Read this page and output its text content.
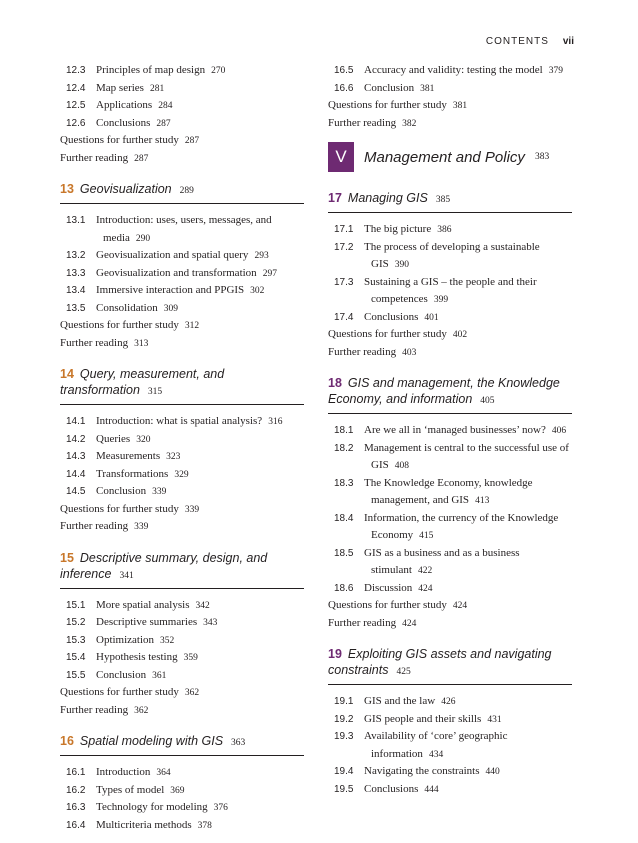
CONTENTS vii
12.3 Principles of map design 270
12.4 Map series 281
12.5 Applications 284
12.6 Conclusions 287
Questions for further study 287
Further reading 287
13 Geovisualization 289
13.1 Introduction: uses, users, messages, and media 290
13.2 Geovisualization and spatial query 293
13.3 Geovisualization and transformation 297
13.4 Immersive interaction and PPGIS 302
13.5 Consolidation 309
Questions for further study 312
Further reading 313
14 Query, measurement, and transformation 315
14.1 Introduction: what is spatial analysis? 316
14.2 Queries 320
14.3 Measurements 323
14.4 Transformations 329
14.5 Conclusion 339
Questions for further study 339
Further reading 339
15 Descriptive summary, design, and inference 341
15.1 More spatial analysis 342
15.2 Descriptive summaries 343
15.3 Optimization 352
15.4 Hypothesis testing 359
15.5 Conclusion 361
Questions for further study 362
Further reading 362
16 Spatial modeling with GIS 363
16.1 Introduction 364
16.2 Types of model 369
16.3 Technology for modeling 376
16.4 Multicriteria methods 378
16.5 Accuracy and validity: testing the model 379
16.6 Conclusion 381
Questions for further study 381
Further reading 382
V	Management and Policy 383
17 Managing GIS 385
17.1 The big picture 386
17.2 The process of developing a sustainable GIS 390
17.3 Sustaining a GIS – the people and their competences 399
17.4 Conclusions 401
Questions for further study 402
Further reading 403
18 GIS and management, the Knowledge Economy, and information 405
18.1 Are we all in ‘managed businesses’ now? 406
18.2 Management is central to the successful use of GIS 408
18.3 The Knowledge Economy, knowledge management, and GIS 413
18.4 Information, the currency of the Knowledge Economy 415
18.5 GIS as a business and as a business stimulant 422
18.6 Discussion 424
Questions for further study 424
Further reading 424
19 Exploiting GIS assets and navigating constraints 425
19.1 GIS and the law 426
19.2 GIS people and their skills 431
19.3 Availability of ‘core’ geographic information 434
19.4 Navigating the constraints 440
19.5 Conclusions 444
